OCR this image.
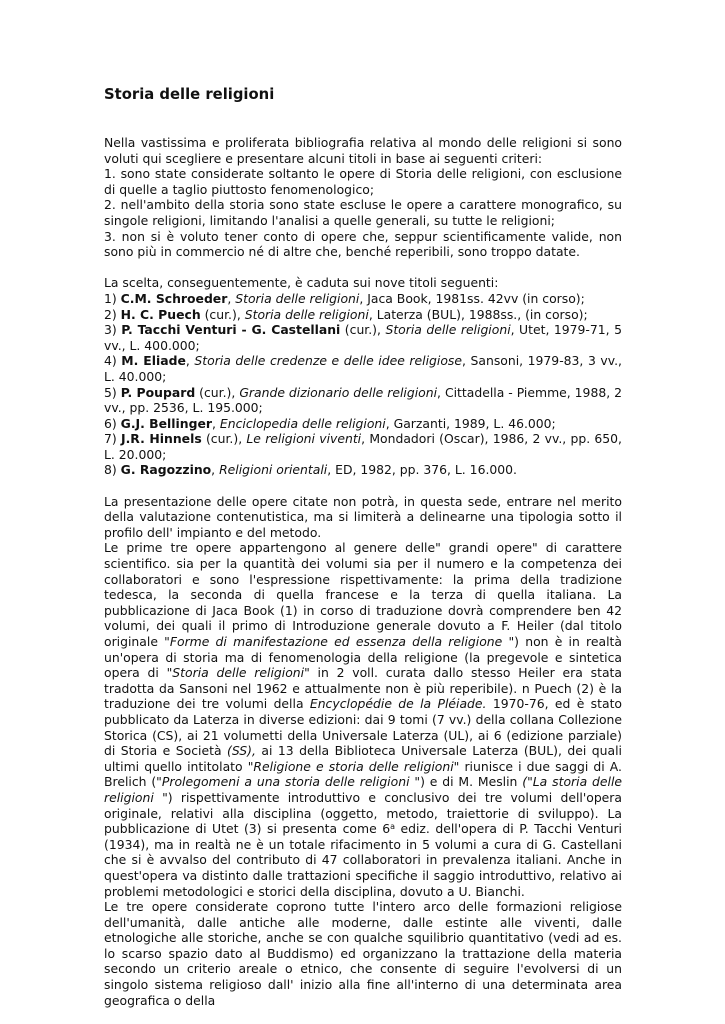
Storia delle religioni

Nella vastissima e proliferata bibliografia relativa al mondo delle religioni si sono voluti qui scegliere e presentare alcuni titoli in base ai seguenti criteri:

1. sono state considerate soltanto le opere di Storia delle religioni, con esclusione di quelle a taglio piuttosto fenomenologico;

2. nell'ambito della storia sono state escluse le opere a carattere monografico, su singole religioni, limitando l'analisi a quelle generali, su tutte le religioni;

3. non si è voluto tener conto di opere che, seppur scientificamente valide, non sono più in commercio né di altre che, benché reperibili, sono troppo datate.

La scelta, conseguentemente, è caduta sui nove titoli seguenti:

1) C.M. Schroeder, Storia delle religioni, Jaca Book, 1981ss. 42vv (in corso);

2) H. C. Puech (cur.), Storia delle religioni, Laterza (BUL), 1988ss., (in corso);

3) P. Tacchi Venturi - G. Castellani (cur.), Storia delle religioni, Utet, 1979-71, 5 vv., L. 400.000;

4) M. Eliade, Storia delle credenze e delle idee religiose, Sansoni, 1979-83, 3 vv., L. 40.000;

5) P. Poupard (cur.), Grande dizionario delle religioni, Cittadella - Piemme, 1988, 2 vv., pp. 2536, L. 195.000;

6) G.J. Bellinger, Enciclopedia delle religioni, Garzanti, 1989, L. 46.000;

7) J.R. Hinnels (cur.), Le religioni viventi, Mondadori (Oscar), 1986, 2 vv., pp. 650, L. 20.000;

8) G. Ragozzino, Religioni orientali, ED, 1982, pp. 376, L. 16.000.

La presentazione delle opere citate non potrà, in questa sede, entrare nel merito della valutazione contenutistica, ma si limiterà a delinearne una tipologia sotto il profilo dell' impianto e del metodo.

Le prime tre opere appartengono al genere delle" grandi opere" di carattere scientifico. sia per la quantità dei volumi sia per il numero e la competenza dei collaboratori e sono l'espressione rispettivamente: la prima della tradizione tedesca, la seconda di quella francese e la terza di quella italiana. La pubblicazione di Jaca Book (1) in corso di traduzione dovrà comprendere ben 42 volumi, dei quali il primo di Introduzione generale dovuto a F. Heiler (dal titolo originale "Forme di manifestazione ed essenza della religione ") non è in realtà un'opera di storia ma di fenomenologia della religione (la pregevole e sintetica opera di "Storia delle religioni" in 2 voll. curata dallo stesso Heiler era stata tradotta da Sansoni nel 1962 e attualmente non è più reperibile). n Puech (2) è la traduzione dei tre volumi della Encyclopédie de la Pléiade. 1970-76, ed è stato pubblicato da Laterza in diverse edizioni: dai 9 tomi (7 vv.) della collana Collezione Storica (CS), ai 21 volumetti della Universale Laterza (UL), ai 6 (edizione parziale) di Storia e Società (SS), ai 13 della Biblioteca Universale Laterza (BUL), dei quali ultimi quello intitolato "Religione e storia delle religioni" riunisce i due saggi di A. Brelich ("Prolegomeni a una storia delle religioni ") e di M. Meslin ("La storia delle religioni ") rispettivamente introduttivo e conclusivo dei tre volumi dell'opera originale, relativi alla disciplina (oggetto, metodo, traiettorie di sviluppo). La pubblicazione di Utet (3) si presenta come 6$^a$ ediz. dell'opera di P. Tacchi Venturi (1934), ma in realtà ne è un totale rifacimento in 5 volumi a cura di G. Castellani che si è avvalso del contributo di 47 collaboratori in prevalenza italiani. Anche in quest'opera va distinto dalle trattazioni specifiche il saggio introduttivo, relativo ai problemi metodologici e storici della disciplina, dovuto a U. Bianchi.

Le tre opere considerate coprono tutte l'intero arco delle formazioni religiose dell'umanità, dalle antiche alle moderne, dalle estinte alle viventi, dalle etnologiche alle storiche, anche se con qualche squilibrio quantitativo (vedi ad es. lo scarso spazio dato al Buddismo) ed organizzano la trattazione della materia secondo un criterio areale o etnico, che consente di seguire l'evolversi di un singolo sistema religioso dall' inizio alla fine all'interno di una determinata area geografica o della
